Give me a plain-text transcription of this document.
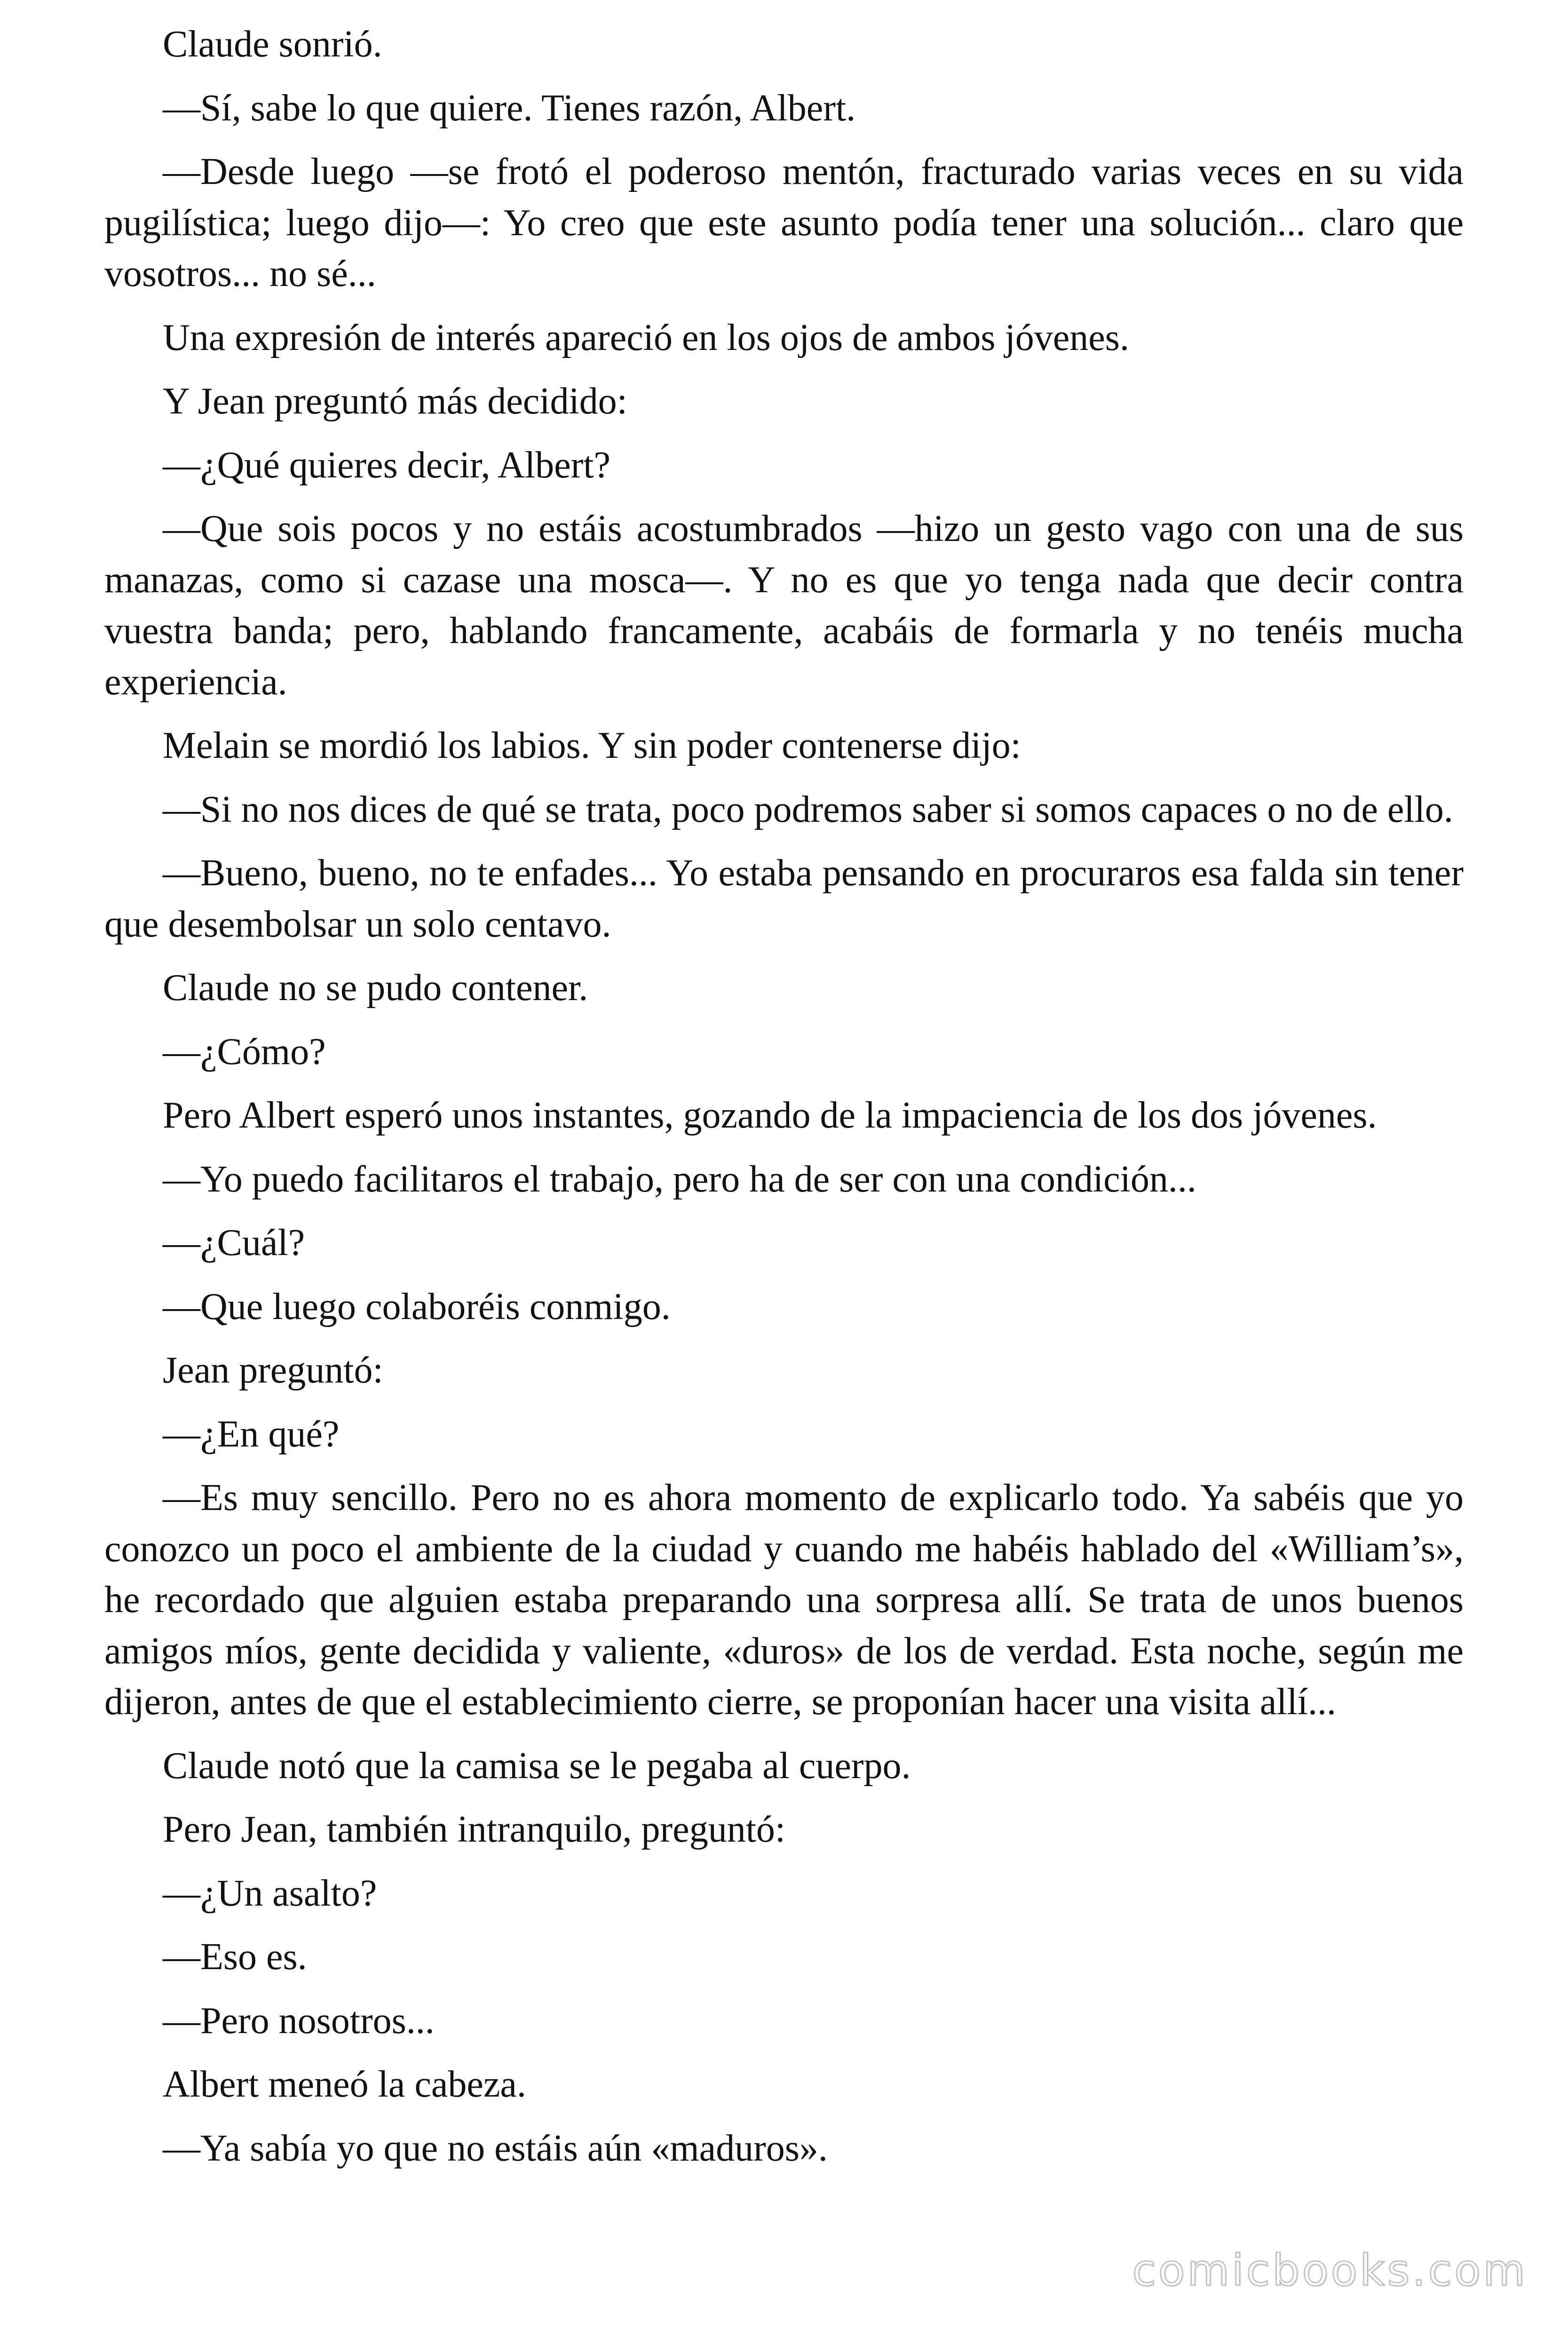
Claude sonrió.

—Sí, sabe lo que quiere. Tienes razón, Albert.

—Desde luego —se frotó el poderoso mentón, fracturado varias veces en su vida pugilística; luego dijo—: Yo creo que este asunto podía tener una solución... claro que vosotros... no sé...

Una expresión de interés apareció en los ojos de ambos jóvenes.

Y Jean preguntó más decidido:

—¿Qué quieres decir, Albert?

—Que sois pocos y no estáis acostumbrados —hizo un gesto vago con una de sus manazas, como si cazase una mosca—. Y no es que yo tenga nada que decir contra vuestra banda; pero, hablando francamente, acabáis de formarla y no tenéis mucha experiencia.

Melain se mordió los labios. Y sin poder contenerse dijo:

—Si no nos dices de qué se trata, poco podremos saber si somos capaces o no de ello.

—Bueno, bueno, no te enfades... Yo estaba pensando en procuraros esa falda sin tener que desembolsar un solo centavo.

Claude no se pudo contener.

—¿Cómo?

Pero Albert esperó unos instantes, gozando de la impaciencia de los dos jóvenes.

—Yo puedo facilitaros el trabajo, pero ha de ser con una condición...

—¿Cuál?

—Que luego colaboréis conmigo.

Jean preguntó:

—¿En qué?

—Es muy sencillo. Pero no es ahora momento de explicarlo todo. Ya sabéis que yo conozco un poco el ambiente de la ciudad y cuando me habéis hablado del «William’s», he recordado que alguien estaba preparando una sorpresa allí. Se trata de unos buenos amigos míos, gente decidida y valiente, «duros» de los de verdad. Esta noche, según me dijeron, antes de que el establecimiento cierre, se proponían hacer una visita allí...

Claude notó que la camisa se le pegaba al cuerpo.

Pero Jean, también intranquilo, preguntó:

—¿Un asalto?

—Eso es.

—Pero nosotros...

Albert meneó la cabeza.

—Ya sabía yo que no estáis aún «maduros».

comicbooks.com
